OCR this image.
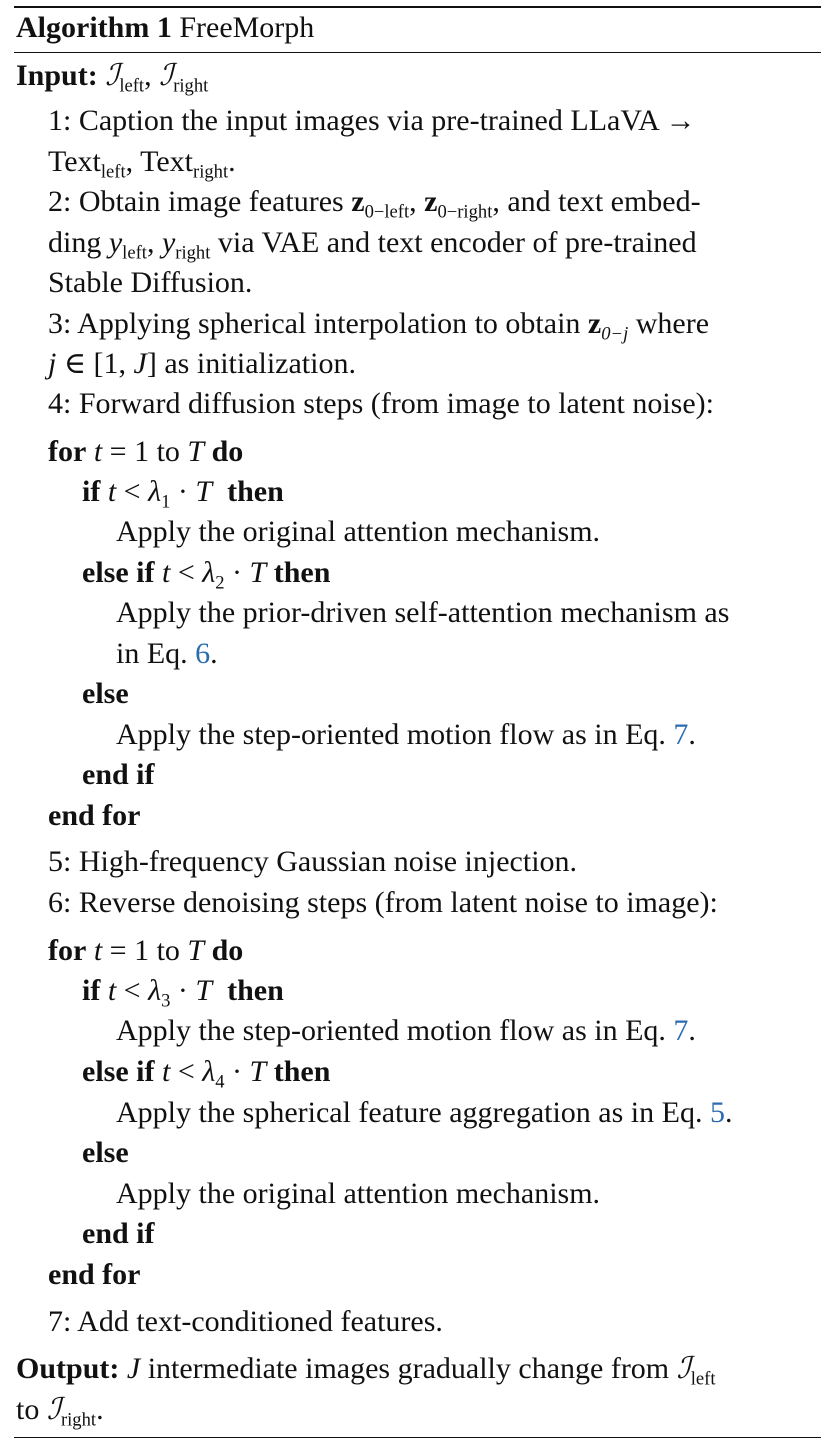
Algorithm 1 FreeMorph
Input: ℐ$_{left}$, ℐ$_{right}$
1: Caption the input images via pre-trained LLaVA →
Text$_{left}$, Text$_{right}$.
2: Obtain image features $z_{0-left}$, $z_{0-right}$, and text embed-
ding $y_{left}$, $y_{right}$ via VAE and text encoder of pre-trained
Stable Diffusion.
3: Applying spherical interpolation to obtain $z_{0-j}$ where
j ∈ [1, J] as initialization.
4: Forward diffusion steps (from image to latent noise):
for t = 1 to T do
if $t < \lambda_1 \cdot T$ then
Apply the original attention mechanism.
else if $t < \lambda_2 \cdot T$ then
Apply the prior-driven self-attention mechanism as
in Eq. 6.
else
Apply the step-oriented motion flow as in Eq. 7.
end if
end for
5: High-frequency Gaussian noise injection.
6: Reverse denoising steps (from latent noise to image):
for t = 1 to T do
if $t < \lambda_3 \cdot T$ then
Apply the step-oriented motion flow as in Eq. 7.
else if $t < \lambda_4 \cdot T$ then
Apply the spherical feature aggregation as in Eq. 5.
else
Apply the original attention mechanism.
end if
end for
7: Add text-conditioned features.
Output: J intermediate images gradually change from ℐ$_{left}$
to ℐ$_{right}$.
